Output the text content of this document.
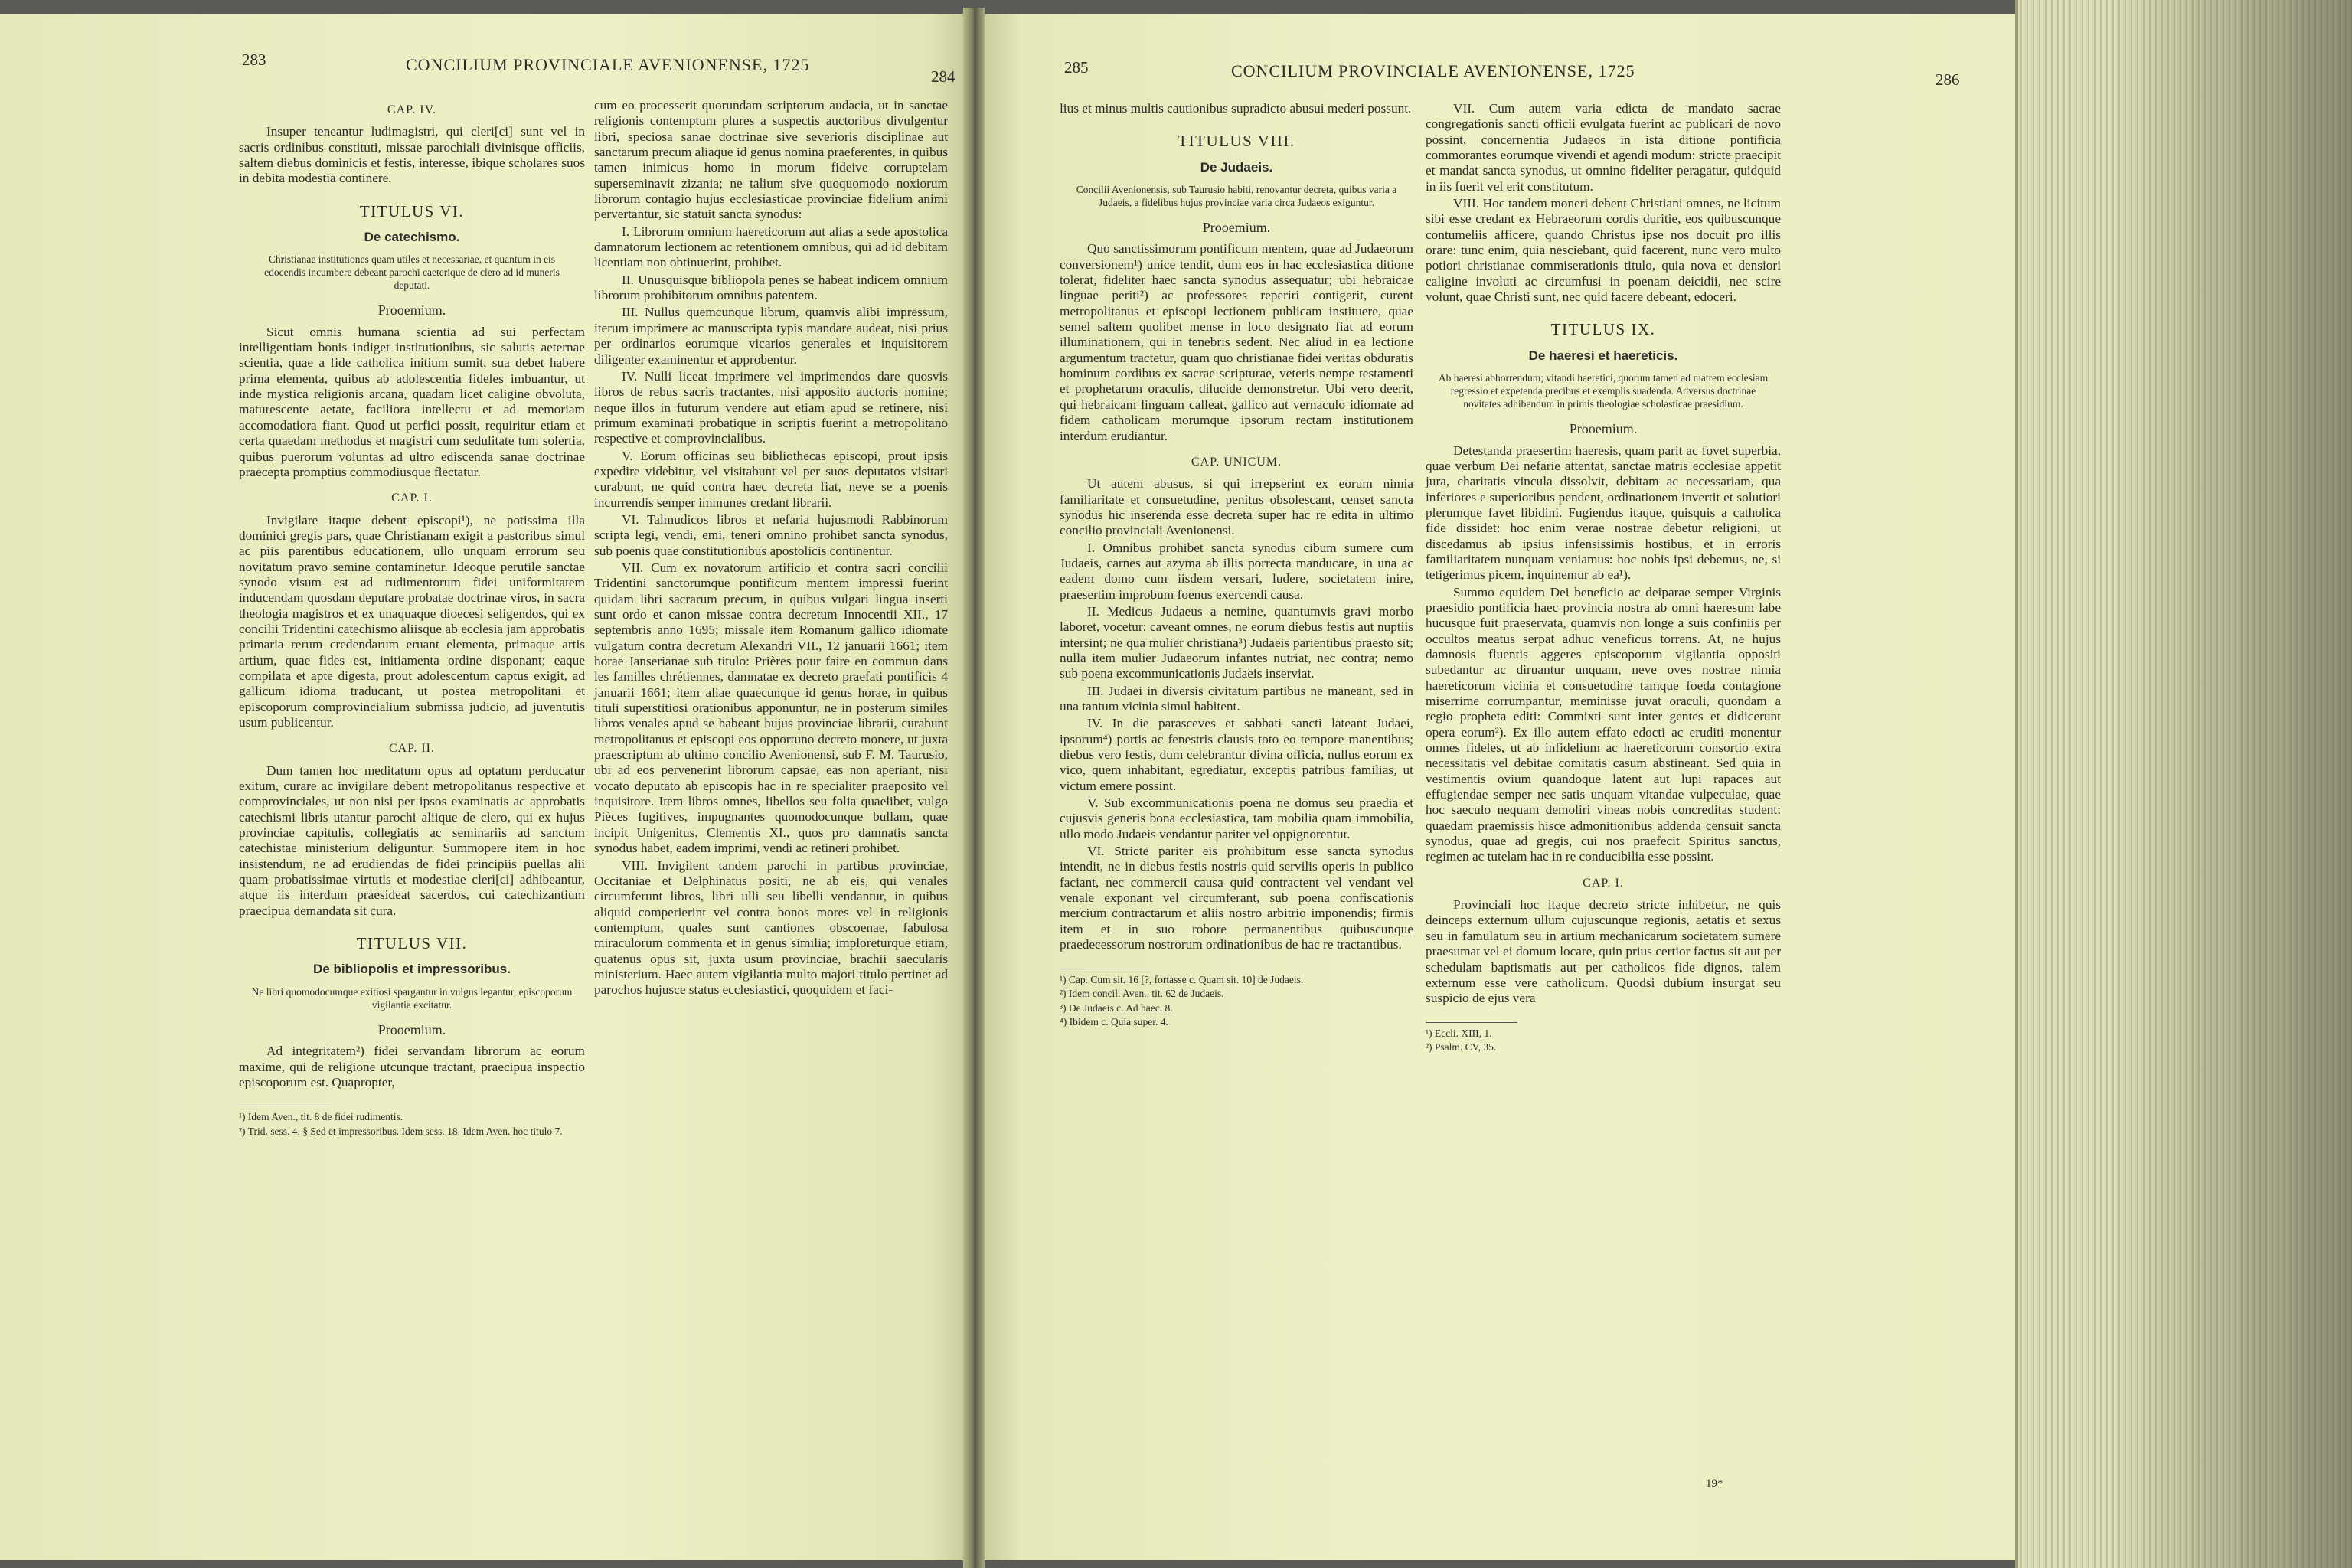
283	CONCILIUM PROVINCIALE AVENIONENSE, 1725
284	285	CONCILIUM PROVINCIALE AVENIONENSE, 1725	286
CAP. IV.

Insuper teneantur ludimagistri, qui cleri[ci] sunt vel in sacris ordinibus constituti, missae parochiali divinisque officiis, saltem diebus dominicis et festis, interesse, ibique scholares suos in debita modestia continere.

TITULUS VI.
De catechismo.
Christianae institutiones quam utiles et necessariae, et quantum in eis edocendis incumbere debeant parochi caeterique de clero ad id muneris deputati.
Prooemium.

Sicut omnis humana scientia ad sui perfectam intelligentiam bonis indiget institutionibus, sic salutis aeternae scientia, quae a fide catholica initium sumit, sua debet habere prima elementa, quibus ab adolescentia fideles imbuantur, ut inde mystica religionis arcana, quadam licet caligine obvoluta, maturescente aetate, faciliora intellectu et ad memoriam accomodatiora fiant. Quod ut perfici possit, requiritur etiam et certa quaedam methodus et magistri cum sedulitate tum solertia, quibus puerorum voluntas ad ultro ediscenda sanae doctrinae praecepta promptius commodiusque flectatur.

CAP. I.

Invigilare itaque debent episcopi¹), ne potissima illa dominici gregis pars, quae Christianam exigit a pastoribus simul ac piis parentibus educationem, ullo unquam errorum seu novitatum pravo semine contaminetur. Ideoque perutile sanctae synodo visum est ad rudimentorum fidei uniformitatem inducendam quosdam deputare probatae doctrinae viros, in sacra theologia magistros et ex unaquaque dioecesi seligendos, qui ex concilii Tridentini catechismo aliisque ab ecclesia jam approbatis primaria rerum credendarum eruant elementa, primaque artis artium, quae fides est, initiamenta ordine disponant; eaque compilata et apte digesta, prout adolescentum captus exigit, ad gallicum idioma traducant, ut postea metropolitani et episcoporum comprovincialium submissa judicio, ad juventutis usum publicentur.

CAP. II.

Dum tamen hoc meditatum opus ad optatum perducatur exitum, curare ac invigilare debent metropolitanus respective et comprovinciales, ut non nisi per ipsos examinatis ac approbatis catechismi libris utantur parochi aliique de clero, qui ex hujus provinciae capitulis, collegiatis ac seminariis ad sanctum catechistae ministerium deliguntur. Summopere item in hoc insistendum, ne ad erudiendas de fidei principiis puellas alii quam probatissimae virtutis et modestiae cleri[ci] adhibeantur, atque iis interdum praesideat sacerdos, cui catechizantium praecipua demandata sit cura.

TITULUS VII.
De bibliopolis et impressoribus.
Ne libri quomodocumque exitiosi spargantur in vulgus legantur, episcoporum vigilantia excitatur.
Prooemium.

Ad integritatem²) fidei servandam librorum ac eorum maxime, qui de religione utcunque tractant, praecipua inspectio episcoporum est. Quapropter,

¹) Idem Aven., tit. 8 de fidei rudimentis.

²) Trid. sess. 4. § Sed et impressoribus. Idem sess. 18. Idem Aven. hoc titulo 7.

cum eo processerit quorundam scriptorum audacia, ut in sanctae religionis contemptum plures a suspectis auctoribus divulgentur libri, speciosa sanae doctrinae sive severioris disciplinae aut sanctarum precum aliaque id genus nomina praeferentes, in quibus tamen inimicus homo in morum fideive corruptelam superseminavit zizania; ne talium sive quoquomodo noxiorum librorum contagio hujus ecclesiasticae provinciae fidelium animi pervertantur, sic statuit sancta synodus:

I. Librorum omnium haereticorum aut alias a sede apostolica damnatorum lectionem ac retentionem omnibus, qui ad id debitam licentiam non obtinuerint, prohibet.

II. Unusquisque bibliopola penes se habeat indicem omnium librorum prohibitorum omnibus patentem.

III. Nullus quemcunque librum, quamvis alibi impressum, iterum imprimere ac manuscripta typis mandare audeat, nisi prius per ordinarios eorumque vicarios generales et inquisitorem diligenter examinentur et approbentur.

IV. Nulli liceat imprimere vel imprimendos dare quosvis libros de rebus sacris tractantes, nisi apposito auctoris nomine; neque illos in futurum vendere aut etiam apud se retinere, nisi primum examinati probatique in scriptis fuerint a metropolitano respective et comprovincialibus.

V. Eorum officinas seu bibliothecas episcopi, prout ipsis expedire videbitur, vel visitabunt vel per suos deputatos visitari curabunt, ne quid contra haec decreta fiat, neve se a poenis incurrendis semper immunes credant librarii.

VI. Talmudicos libros et nefaria hujusmodi Rabbinorum scripta legi, vendi, emi, teneri omnino prohibet sancta synodus, sub poenis quae constitutionibus apostolicis continentur.

VII. Cum ex novatorum artificio et contra sacri concilii Tridentini sanctorumque pontificum mentem impressi fuerint quidam libri sacrarum precum, in quibus vulgari lingua inserti sunt ordo et canon missae contra decretum Innocentii XII., 17 septembris anno 1695; missale item Romanum gallico idiomate vulgatum contra decretum Alexandri VII., 12 januarii 1661; item horae Janserianae sub titulo: Prières pour faire en commun dans les familles chrétiennes, damnatae ex decreto praefati pontificis 4 januarii 1661; item aliae quaecunque id genus horae, in quibus tituli superstitiosi orationibus apponuntur, ne in posterum similes libros venales apud se habeant hujus provinciae librarii, curabunt metropolitanus et episcopi eos opportuno decreto monere, ut juxta praescriptum ab ultimo concilio Avenionensi, sub F. M. Taurusio, ubi ad eos pervenerint librorum capsae, eas non aperiant, nisi vocato deputato ab episcopis hac in re specialiter praeposito vel inquisitore. Item libros omnes, libellos seu folia quaelibet, vulgo Pièces fugitives, impugnantes quomodocunque bullam, quae incipit Unigenitus, Clementis XI., quos pro damnatis sancta synodus habet, eadem imprimi, vendi ac retineri prohibet.

VIII. Invigilent tandem parochi in partibus provinciae, Occitaniae et Delphinatus positi, ne ab eis, qui venales circumferunt libros, libri ulli seu libelli vendantur, in quibus aliquid comperierint vel contra bonos mores vel in religionis contemptum, quales sunt cantiones obscoenae, fabulosa miraculorum commenta et in genus similia; imploreturque etiam, quatenus opus sit, juxta usum provinciae, brachii saecularis ministerium. Haec autem vigilantia multo majori titulo pertinet ad parochos hujusce status ecclesiastici, quoquidem et faci-

lius et minus multis cautionibus supradicto abusui mederi possunt.

TITULUS VIII.
De Judaeis.
Concilii Avenionensis, sub Taurusio habiti, renovantur decreta, quibus varia a Judaeis, a fidelibus hujus provinciae varia circa Judaeos exiguntur.
Prooemium.

Quo sanctissimorum pontificum mentem, quae ad Judaeorum conversionem¹) unice tendit, dum eos in hac ecclesiastica ditione tolerat, fideliter haec sancta synodus assequatur; ubi hebraicae linguae periti²) ac professores reperiri contigerit, curent metropolitanus et episcopi lectionem publicam instituere, quae semel saltem quolibet mense in loco designato fiat ad eorum illuminationem, qui in tenebris sedent. Nec aliud in ea lectione argumentum tractetur, quam quo christianae fidei veritas obduratis hominum cordibus ex sacrae scripturae, veteris nempe testamenti et prophetarum oraculis, dilucide demonstretur. Ubi vero deerit, qui hebraicam linguam calleat, gallico aut vernaculo idiomate ad fidem catholicam morumque ipsorum rectam institutionem interdum erudiantur.

CAP. UNICUM.

Ut autem abusus, si qui irrepserint ex eorum nimia familiaritate et consuetudine, penitus obsolescant, censet sancta synodus hic inserenda esse decreta super hac re edita in ultimo concilio provinciali Avenionensi.

I. Omnibus prohibet sancta synodus cibum sumere cum Judaeis, carnes aut azyma ab illis porrecta manducare, in una ac eadem domo cum iisdem versari, ludere, societatem inire, praesertim improbum foenus exercendi causa.

II. Medicus Judaeus a nemine, quantumvis gravi morbo laboret, vocetur: caveant omnes, ne eorum diebus festis aut nuptiis intersint; ne qua mulier christiana³) Judaeis parientibus praesto sit; nulla item mulier Judaeorum infantes nutriat, nec contra; nemo sub poena excommunicationis Judaeis inserviat.

III. Judaei in diversis civitatum partibus ne maneant, sed in una tantum vicinia simul habitent.

IV. In die parasceves et sabbati sancti lateant Judaei, ipsorum⁴) portis ac fenestris clausis toto eo tempore manentibus; diebus vero festis, dum celebrantur divina officia, nullus eorum ex vico, quem inhabitant, egrediatur, exceptis patribus familias, ut victum emere possint.

V. Sub excommunicationis poena ne domus seu praedia et cujusvis generis bona ecclesiastica, tam mobilia quam immobilia, ullo modo Judaeis vendantur pariter vel oppignorentur.

VI. Stricte pariter eis prohibitum esse sancta synodus intendit, ne in diebus festis nostris quid servilis operis in publico faciant, nec commercii causa quid contractent vel vendant vel venale exponant vel circumferant, sub poena confiscationis mercium contractarum et aliis nostro arbitrio imponendis; firmis item et in suo robore permanentibus quibuscunque praedecessorum nostrorum ordinationibus de hac re tractantibus.

¹) Cap. Cum sit. 16 [?, fortasse c. Quam sit. 10] de Judaeis.

²) Idem concil. Aven., tit. 62 de Judaeis.

³) De Judaeis c. Ad haec. 8.

⁴) Ibidem c. Quia super. 4.

VII. Cum autem varia edicta de mandato sacrae congregationis sancti officii evulgata fuerint ac publicari de novo possint, concernentia Judaeos in ista ditione pontificia commorantes eorumque vivendi et agendi modum: stricte praecipit et mandat sancta synodus, ut omnino fideliter peragatur, quidquid in iis fuerit vel erit constitutum.

VIII. Hoc tandem moneri debent Christiani omnes, ne licitum sibi esse credant ex Hebraeorum cordis duritie, eos quibuscunque contumeliis afficere, quando Christus ipse nos docuit pro illis orare: tunc enim, quia nesciebant, quid facerent, nunc vero multo potiori christianae commiserationis titulo, quia nova et densiori caligine involuti ac circumfusi in poenam deicidii, nec scire volunt, quae Christi sunt, nec quid facere debeant, edoceri.

TITULUS IX.
De haeresi et haereticis.
Ab haeresi abhorrendum; vitandi haeretici, quorum tamen ad matrem ecclesiam regressio et expetenda precibus et exemplis suadenda. Adversus doctrinae novitates adhibendum in primis theologiae scholasticae praesidium.
Prooemium.

Detestanda praesertim haeresis, quam parit ac fovet superbia, quae verbum Dei nefarie attentat, sanctae matris ecclesiae appetit jura, charitatis vincula dissolvit, debitam ac necessariam, qua inferiores e superioribus pendent, ordinationem invertit et solutiori plerumque favet libidini. Fugiendus itaque, quisquis a catholica fide dissidet: hoc enim verae nostrae debetur religioni, ut discedamus ab ipsius infensissimis hostibus, et in erroris familiaritatem nunquam veniamus: hoc nobis ipsi debemus, ne, si tetigerimus picem, inquinemur ab ea¹).

Summo equidem Dei beneficio ac deiparae semper Virginis praesidio pontificia haec provincia nostra ab omni haeresum labe hucusque fuit praeservata, quamvis non longe a suis confiniis per occultos meatus serpat adhuc veneficus torrens. At, ne hujus damnosis fluentis aggeres episcoporum vigilantia oppositi subedantur ac diruantur unquam, neve oves nostrae nimia haereticorum vicinia et consuetudine tamque foeda contagione miserrime corrumpantur, meminisse juvat oraculi, quondam a regio propheta editi: Commixti sunt inter gentes et didicerunt opera eorum²). Ex illo autem effato edocti ac eruditi monentur omnes fideles, ut ab infidelium ac haereticorum consortio extra necessitatis vel debitae comitatis casum abstineant. Sed quia in vestimentis ovium quandoque latent aut lupi rapaces aut effugiendae semper nec satis unquam vitandae vulpeculae, quae hoc saeculo nequam demoliri vineas nobis concreditas student: quaedam praemissis hisce admonitionibus addenda censuit sancta synodus, quae ad gregis, cui nos praefecit Spiritus sanctus, regimen ac tutelam hac in re conducibilia esse possint.

CAP. I.

Provinciali hoc itaque decreto stricte inhibetur, ne quis deinceps externum ullum cujuscunque regionis, aetatis et sexus seu in famulatum seu in artium mechanicarum societatem sumere praesumat vel ei domum locare, quin prius certior factus sit aut per schedulam baptismatis aut per catholicos fide dignos, talem externum esse vere catholicum. Quodsi dubium insurgat seu suspicio de ejus vera

¹) Eccli. XIII, 1.

²) Psalm. CV, 35.

19*
